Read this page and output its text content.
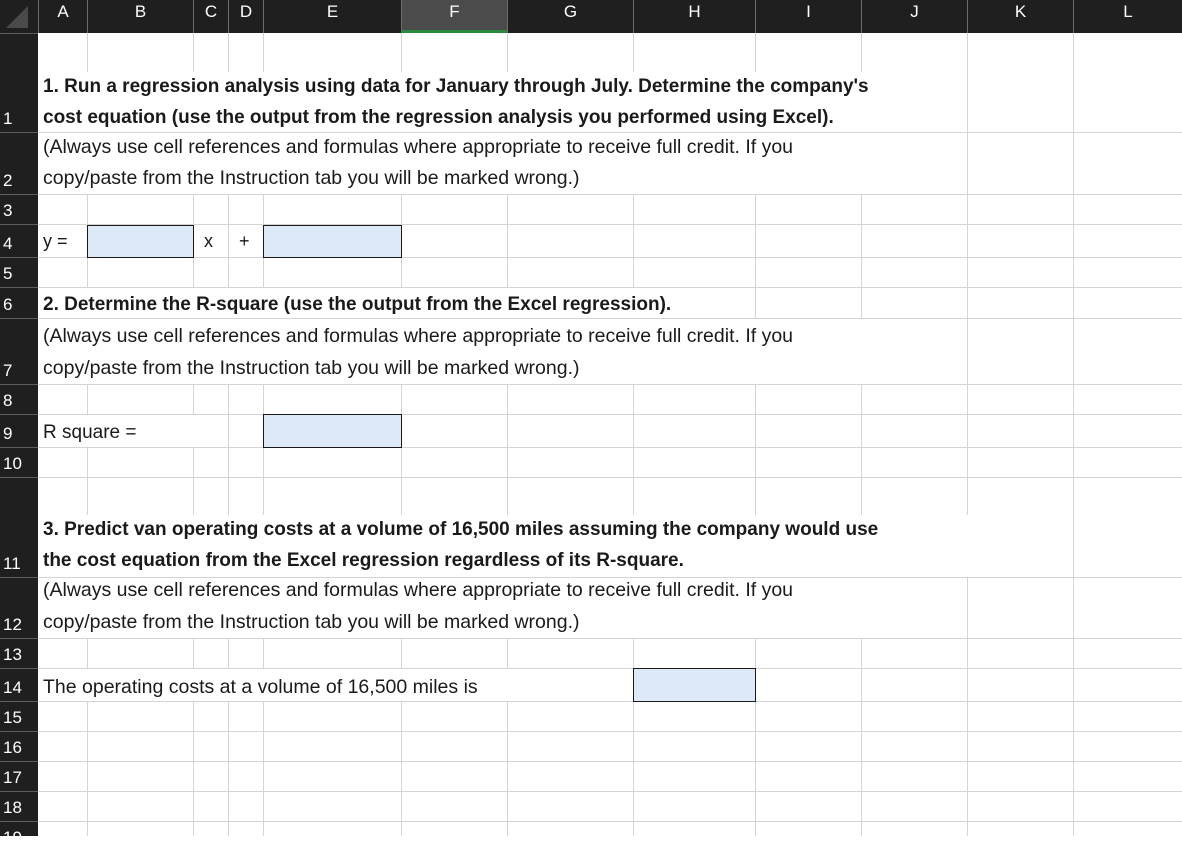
A	B	C	D	E	F	G	H	I	J	K	L
1
2
3
4
5
6
7
8
9
10
11
12
13
14
15
16
17
18
19
1. Run a regression analysis using data for January through July. Determine the company's
cost equation (use the output from the regression analysis you performed using Excel).
(Always use cell references and formulas where appropriate to receive full credit. If you
copy/paste from the Instruction tab you will be marked wrong.)
y =	x +
2. Determine the R-square (use the output from the Excel regression).
(Always use cell references and formulas where appropriate to receive full credit. If you
copy/paste from the Instruction tab you will be marked wrong.)
R square =
3. Predict van operating costs at a volume of 16,500 miles assuming the company would use
the cost equation from the Excel regression regardless of its R-square.
(Always use cell references and formulas where appropriate to receive full credit. If you
copy/paste from the Instruction tab you will be marked wrong.)
The operating costs at a volume of 16,500 miles is
